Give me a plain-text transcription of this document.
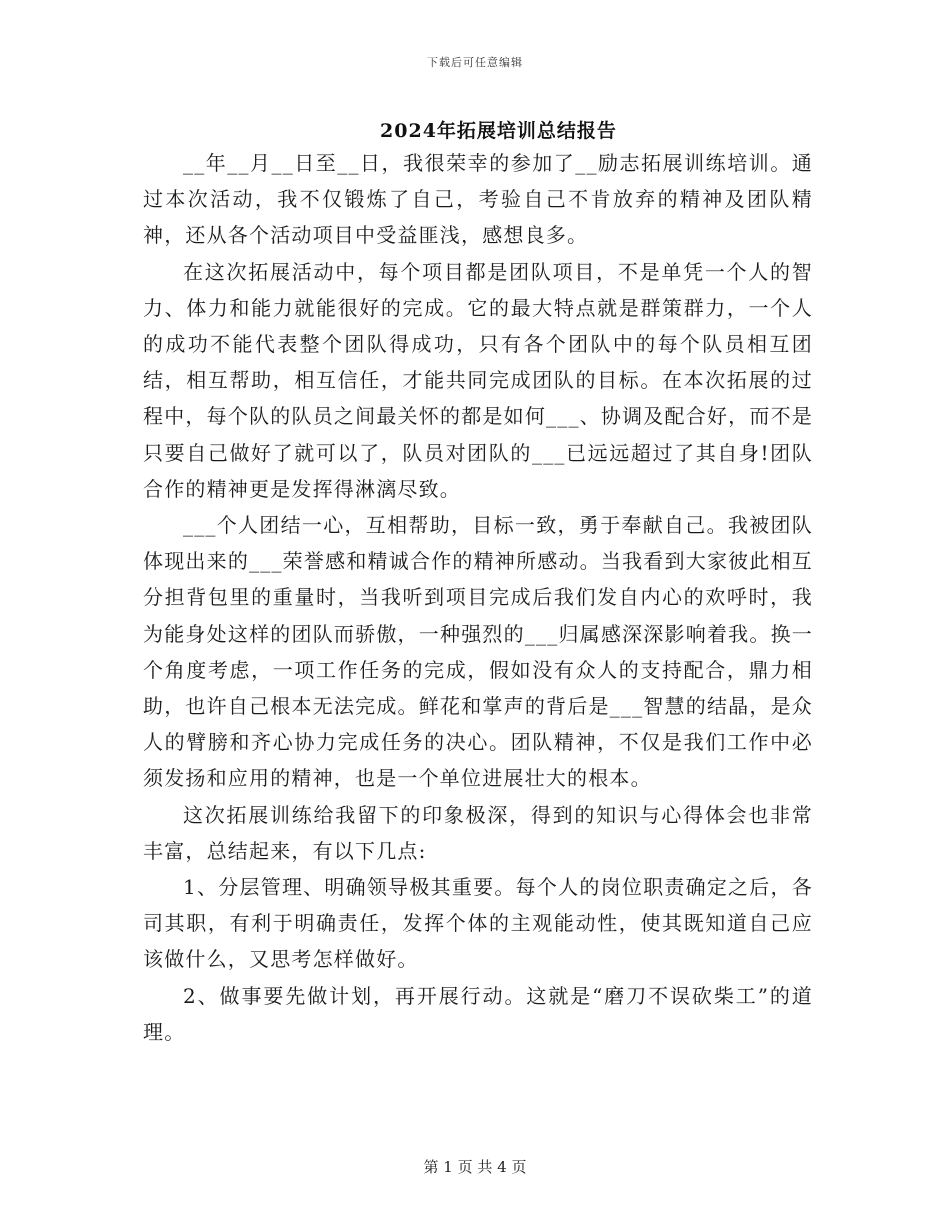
下载后可任意编辑
2024年拓展培训总结报告

__年__月__日至__日，我很荣幸的参加了__励志拓展训练培训。通过本次活动，我不仅锻炼了自己，考验自己不肯放弃的精神及团队精神，还从各个活动项目中受益匪浅，感想良多。

在这次拓展活动中，每个项目都是团队项目，不是单凭一个人的智力、体力和能力就能很好的完成。它的最大特点就是群策群力，一个人的成功不能代表整个团队得成功，只有各个团队中的每个队员相互团结，相互帮助，相互信任，才能共同完成团队的目标。在本次拓展的过程中，每个队的队员之间最关怀的都是如何___、协调及配合好，而不是只要自己做好了就可以了，队员对团队的___已远远超过了其自身!团队合作的精神更是发挥得淋漓尽致。

___个人团结一心，互相帮助，目标一致，勇于奉献自己。我被团队体现出来的___荣誉感和精诚合作的精神所感动。当我看到大家彼此相互分担背包里的重量时，当我听到项目完成后我们发自内心的欢呼时，我为能身处这样的团队而骄傲，一种强烈的___归属感深深影响着我。换一个角度考虑，一项工作任务的完成，假如没有众人的支持配合，鼎力相助，也许自己根本无法完成。鲜花和掌声的背后是___智慧的结晶，是众人的臂膀和齐心协力完成任务的决心。团队精神，不仅是我们工作中必须发扬和应用的精神，也是一个单位进展壮大的根本。

这次拓展训练给我留下的印象极深，得到的知识与心得体会也非常丰富，总结起来，有以下几点:

1、分层管理、明确领导极其重要。每个人的岗位职责确定之后，各司其职，有利于明确责任，发挥个体的主观能动性，使其既知道自己应该做什么，又思考怎样做好。

2、做事要先做计划，再开展行动。这就是“磨刀不误砍柴工”的道理。

第 1 页 共 4 页
